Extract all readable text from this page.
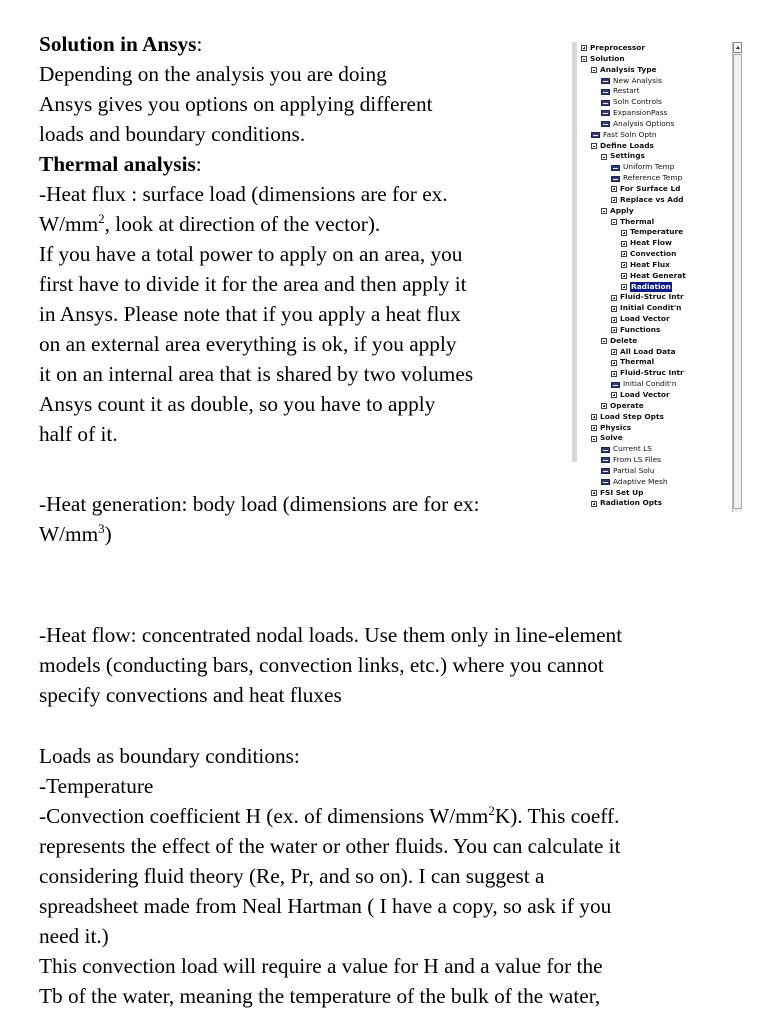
Solution in Ansys:

Depending on the analysis you are doing

Ansys gives you options on applying different

loads and boundary conditions.

Thermal analysis:

-Heat flux : surface load (dimensions are for ex.

$W/mm^2$, look at direction of the vector).

If you have a total power to apply on an area, you

first have to divide it for the area and then apply it

in Ansys. Please note that if you apply a heat flux

on an external area everything is ok, if you apply

it on an internal area that is shared by two volumes

Ansys count it as double, so you have to apply

half of it.

-Heat generation: body load (dimensions are for ex:

$W/mm^3$)

-Heat flow: concentrated nodal loads. Use them only in line-element

models (conducting bars, convection links, etc.) where you cannot

specify convections and heat fluxes

Loads as boundary conditions:

-Temperature

-Convection coefficient H (ex. of dimensions $W/mm^2K$). This coeff.

represents the effect of the water or other fluids. You can calculate it

considering fluid theory (Re, Pr, and so on). I can suggest a

spreadsheet made from Neal Hartman ( I have a copy, so ask if you

need it.)

This convection load will require a value for H and a value for the

Tb of the water, meaning the temperature of the bulk of the water,

Preprocessor
Solution
Analysis Type
New Analysis
Restart
Soln Controls
ExpansionPass
Analysis Options
Fast Soln Optn
Define Loads
Settings
Uniform Temp
Reference Temp
For Surface Ld
Replace vs Add
Apply
Thermal
Temperature
Heat Flow
Convection
Heat Flux
Heat Generat
Radiation
Fluid-Struc Intr
Initial Condit'n
Load Vector
Functions
Delete
All Load Data
Thermal
Fluid-Struc Intr
Initial Condit'n
Load Vector
Operate
Load Step Opts
Physics
Solve
Current LS
From LS Files
Partial Solu
Adaptive Mesh
FSI Set Up
Radiation Opts
